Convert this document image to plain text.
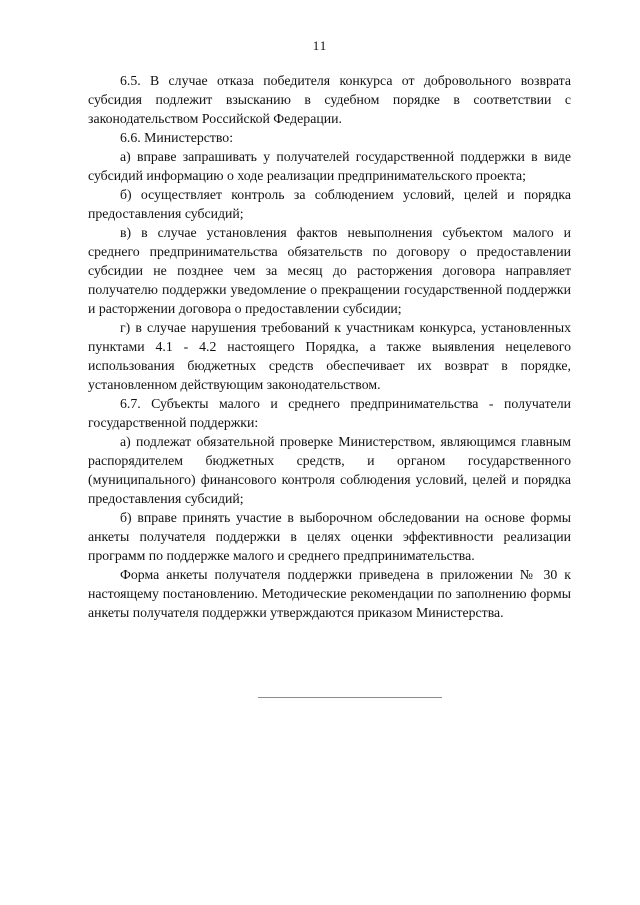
11

6.5. В случае отказа победителя конкурса от добровольного возврата субсидия подлежит взысканию в судебном порядке в соответствии с законодательством Российской Федерации.

6.6. Министерство:

а) вправе запрашивать у получателей государственной поддержки в виде субсидий информацию о ходе реализации предпринимательского проекта;

б) осуществляет контроль за соблюдением условий, целей и порядка предоставления субсидий;

в) в случае установления фактов невыполнения субъектом малого и среднего предпринимательства обязательств по договору о предоставлении субсидии не позднее чем за месяц до расторжения договора направляет получателю поддержки уведомление о прекращении государственной поддержки и расторжении договора о предоставлении субсидии;

г) в случае нарушения требований к участникам конкурса, установленных пунктами 4.1 - 4.2 настоящего Порядка, а также выявления нецелевого использования бюджетных средств обеспечивает их возврат в порядке, установленном действующим законодательством.

6.7. Субъекты малого и среднего предпринимательства - получатели государственной поддержки:

а) подлежат обязательной проверке Министерством, являющимся главным распорядителем бюджетных средств, и органом государственного (муниципального) финансового контроля соблюдения условий, целей и порядка предоставления субсидий;

б) вправе принять участие в выборочном обследовании на основе формы анкеты получателя поддержки в целях оценки эффективности реализации программ по поддержке малого и среднего предпринимательства.

Форма анкеты получателя поддержки приведена в приложении № 30 к настоящему постановлению. Методические рекомендации по заполнению формы анкеты получателя поддержки утверждаются приказом Министерства.
